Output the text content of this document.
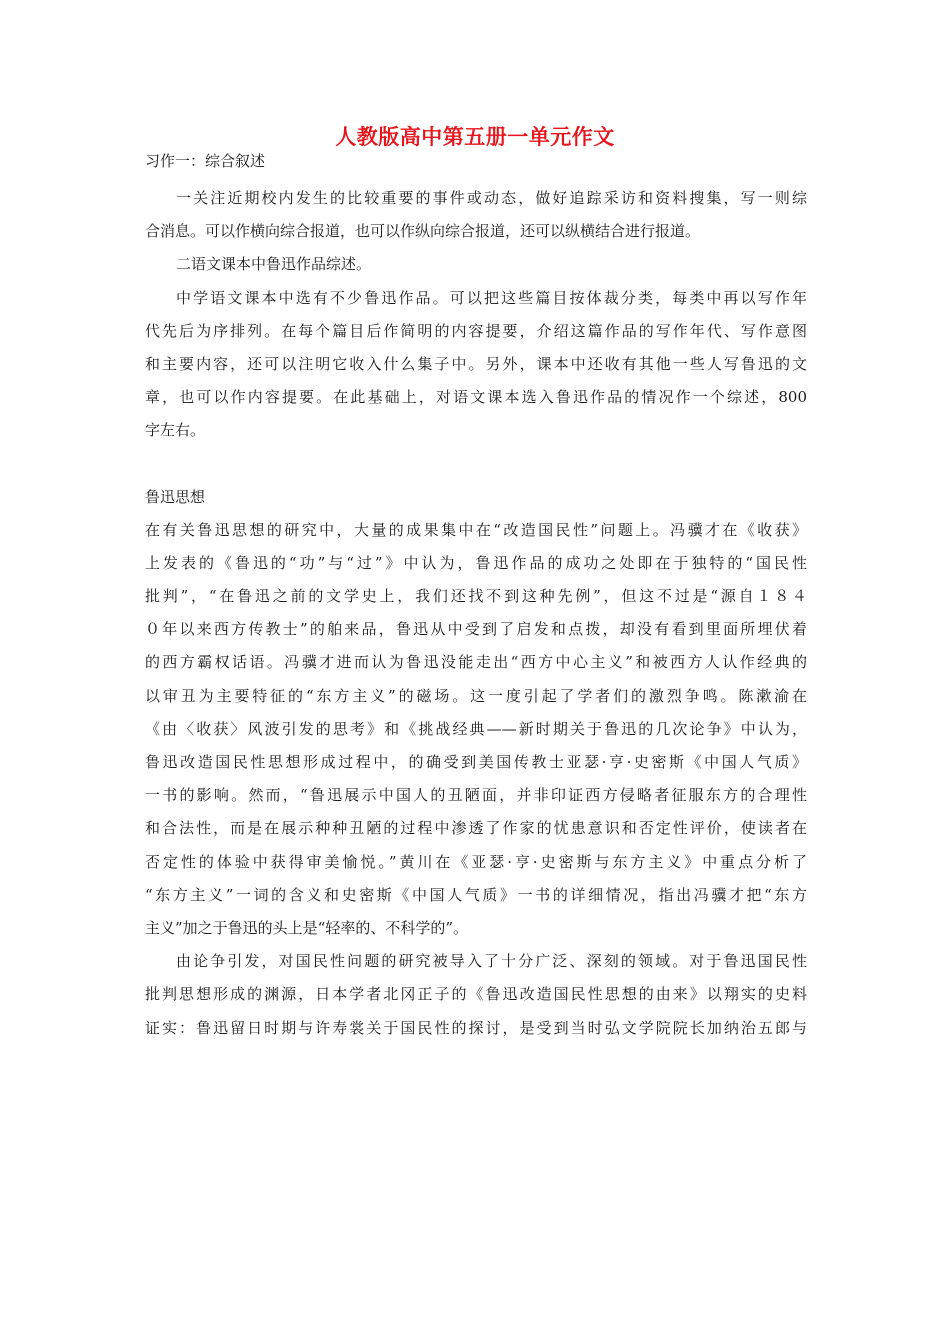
人教版高中第五册一单元作文
习作一：综合叙述
一关注近期校内发生的比较重要的事件或动态，做好追踪采访和资料搜集，写一则综
合消息。可以作横向综合报道，也可以作纵向综合报道，还可以纵横结合进行报道。
二语文课本中鲁迅作品综述。
中学语文课本中选有不少鲁迅作品。可以把这些篇目按体裁分类，每类中再以写作年
代先后为序排列。在每个篇目后作简明的内容提要，介绍这篇作品的写作年代、写作意图
和主要内容，还可以注明它收入什么集子中。另外，课本中还收有其他一些人写鲁迅的文
章，也可以作内容提要。在此基础上，对语文课本选入鲁迅作品的情况作一个综述，800
字左右。
鲁迅思想
在有关鲁迅思想的研究中，大量的成果集中在“改造国民性”问题上。冯骥才在《收获》
上发表的《鲁迅的“功”与“过”》中认为，鲁迅作品的成功之处即在于独特的“国民性
批判”，“在鲁迅之前的文学史上，我们还找不到这种先例”，但这不过是“源自１８４
０年以来西方传教士”的舶来品，鲁迅从中受到了启发和点拨，却没有看到里面所埋伏着
的西方霸权话语。冯骥才进而认为鲁迅没能走出“西方中心主义”和被西方人认作经典的
以审丑为主要特征的“东方主义”的磁场。这一度引起了学者们的激烈争鸣。陈漱渝在
《由〈收获〉风波引发的思考》和《挑战经典——新时期关于鲁迅的几次论争》中认为，
鲁迅改造国民性思想形成过程中，的确受到美国传教士亚瑟·亨·史密斯《中国人气质》
一书的影响。然而，“鲁迅展示中国人的丑陋面，并非印证西方侵略者征服东方的合理性
和合法性，而是在展示种种丑陋的过程中渗透了作家的忧患意识和否定性评价，使读者在
否定性的体验中获得审美愉悦。”黄川在《亚瑟·亨·史密斯与东方主义》中重点分析了
“东方主义”一词的含义和史密斯《中国人气质》一书的详细情况，指出冯骥才把“东方
主义”加之于鲁迅的头上是“轻率的、不科学的”。
由论争引发，对国民性问题的研究被导入了十分广泛、深刻的领域。对于鲁迅国民性
批判思想形成的渊源，日本学者北冈正子的《鲁迅改造国民性思想的由来》以翔实的史料
证实：鲁迅留日时期与许寿裳关于国民性的探讨，是受到当时弘文学院院长加纳治五郎与
